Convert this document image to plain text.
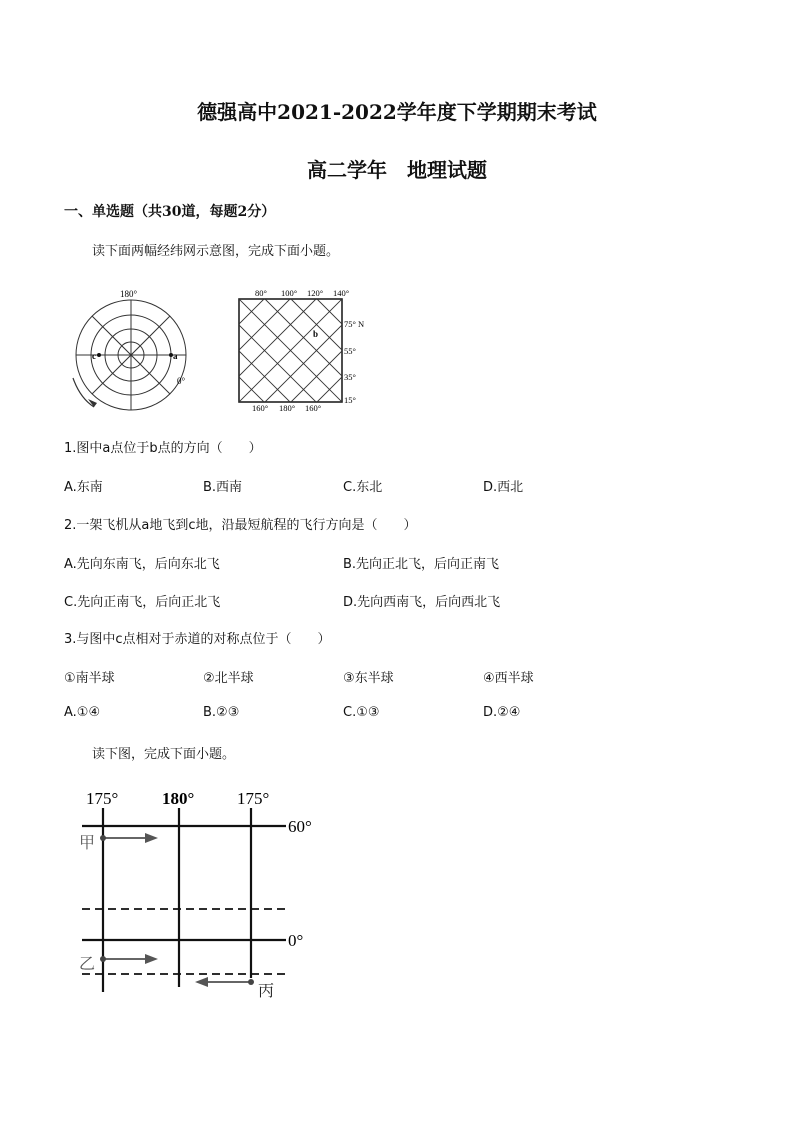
德强高中2021-2022学年度下学期期末考试
高二学年　地理试题
一、单选题（共30道，每题2分）
读下面两幅经纬网示意图，完成下面小题。
180°
0°
a
c
80° 100° 120° 140°
75° N
55°
35°
15°
160° 180° 160°
b
1.图中a点位于b点的方向（　　）
A.东南	B.西南	C.东北	D.西北
2.一架飞机从a地飞到c地，沿最短航程的飞行方向是（　　）
A.先向东南飞，后向东北飞	B.先向正北飞，后向正南飞
C.先向正南飞，后向正北飞	D.先向西南飞，后向西北飞
3.与图中c点相对于赤道的对称点位于（　　）
①南半球	②北半球	③东半球	④西半球
A.①④	B.②③	C.①③	D.②④
读下图，完成下面小题。
175°	180°	175°
60°
0°
甲
乙
丙
